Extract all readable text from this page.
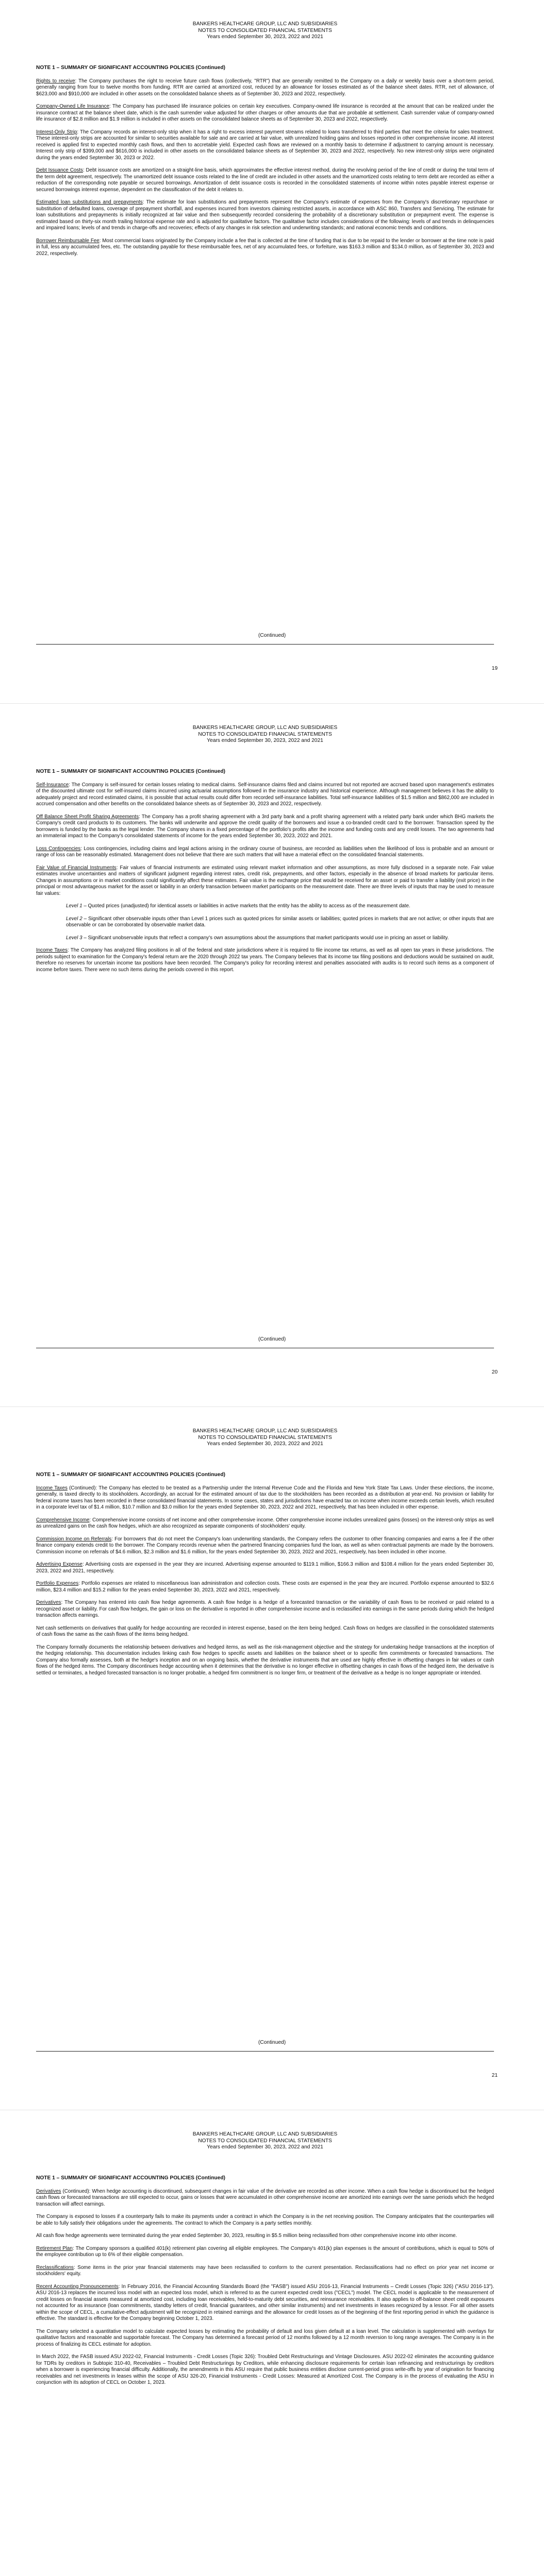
BANKERS HEALTHCARE GROUP, LLC AND SUBSIDIARIES
NOTES TO CONSOLIDATED FINANCIAL STATEMENTS
Years ended September 30, 2023, 2022 and 2021
NOTE 1 – SUMMARY OF SIGNIFICANT ACCOUNTING POLICIES (Continued)

Rights to receive: The Company purchases the right to receive future cash flows (collectively, "RTR") that are generally remitted to the Company on a daily or weekly basis over a short-term period, generally ranging from four to twelve months from funding. RTR are carried at amortized cost, reduced by an allowance for losses estimated as of the balance sheet dates. RTR, net of allowance, of $623,000 and $910,000 are included in other assets on the consolidated balance sheets as of September 30, 2023 and 2022, respectively.

Company-Owned Life Insurance: The Company has purchased life insurance policies on certain key executives. Company-owned life insurance is recorded at the amount that can be realized under the insurance contract at the balance sheet date, which is the cash surrender value adjusted for other charges or other amounts due that are probable at settlement. Cash surrender value of company-owned life insurance of $2.8 million and $1.9 million is included in other assets on the consolidated balance sheets as of September 30, 2023 and 2022, respectively.

Interest-Only Strip: The Company records an interest-only strip when it has a right to excess interest payment streams related to loans transferred to third parties that meet the criteria for sales treatment. These interest-only strips are accounted for similar to securities available for sale and are carried at fair value, with unrealized holding gains and losses reported in other comprehensive income. All interest received is applied first to expected monthly cash flows, and then to accretable yield. Expected cash flows are reviewed on a monthly basis to determine if adjustment to carrying amount is necessary. Interest only strip of $399,000 and $616,000 is included in other assets on the consolidated balance sheets as of September 30, 2023 and 2022, respectively. No new interest-only strips were originated during the years ended September 30, 2023 or 2022.

Debt Issuance Costs: Debt issuance costs are amortized on a straight-line basis, which approximates the effective interest method, during the revolving period of the line of credit or during the total term of the term debt agreement, respectively. The unamortized debt issuance costs related to the line of credit are included in other assets and the unamortized costs relating to term debt are recorded as either a reduction of the corresponding note payable or secured borrowings. Amortization of debt issuance costs is recorded in the consolidated statements of income within notes payable interest expense or secured borrowings interest expense, dependent on the classification of the debt it relates to.

Estimated loan substitutions and prepayments: The estimate for loan substitutions and prepayments represent the Company's estimate of expenses from the Company's discretionary repurchase or substitution of defaulted loans, coverage of prepayment shortfall, and expenses incurred from investors claiming restricted assets, in accordance with ASC 860, Transfers and Servicing. The estimate for loan substitutions and prepayments is initially recognized at fair value and then subsequently recorded considering the probability of a discretionary substitution or prepayment event. The expense is estimated based on thirty-six month trailing historical expense rate and is adjusted for qualitative factors. The qualitative factor includes considerations of the following: levels of and trends in delinquencies and impaired loans; levels of and trends in charge-offs and recoveries; effects of any changes in risk selection and underwriting standards; and national economic trends and conditions.

Borrower Reimbursable Fee: Most commercial loans originated by the Company include a fee that is collected at the time of funding that is due to be repaid to the lender or borrower at the time note is paid in full, less any accumulated fees, etc. The outstanding payable for these reimbursable fees, net of any accumulated fees, or forfeiture, was $163.3 million and $134.0 million, as of September 30, 2023 and 2022, respectively.

(Continued)
19
BANKERS HEALTHCARE GROUP, LLC AND SUBSIDIARIES
NOTES TO CONSOLIDATED FINANCIAL STATEMENTS
Years ended September 30, 2023, 2022 and 2021
NOTE 1 – SUMMARY OF SIGNIFICANT ACCOUNTING POLICIES (Continued)

Self-Insurance: The Company is self-insured for certain losses relating to medical claims. Self-insurance claims filed and claims incurred but not reported are accrued based upon management's estimates of the discounted ultimate cost for self-insured claims incurred using actuarial assumptions followed in the insurance industry and historical experience. Although management believes it has the ability to adequately project and record estimated claims, it is possible that actual results could differ from recorded self-insurance liabilities. Total self-insurance liabilities of $1.5 million and $862,000 are included in accrued compensation and other benefits on the consolidated balance sheets as of September 30, 2023 and 2022, respectively.

Off Balance Sheet Profit Sharing Agreements: The Company has a profit sharing agreement with a 3rd party bank and a profit sharing agreement with a related party bank under which BHG markets the Company's credit card products to its customers. The banks will underwrite and approve the credit quality of the borrowers and issue a co-branded credit card to the borrower. Transaction speed by the borrowers is funded by the banks as the legal lender. The Company shares in a fixed percentage of the portfolio's profits after the income and funding costs and any credit losses. The two agreements had an immaterial impact to the Company's consolidated statements of income for the years ended September 30, 2023, 2022 and 2021.

Loss Contingencies: Loss contingencies, including claims and legal actions arising in the ordinary course of business, are recorded as liabilities when the likelihood of loss is probable and an amount or range of loss can be reasonably estimated. Management does not believe that there are such matters that will have a material effect on the consolidated financial statements.

Fair Value of Financial Instruments: Fair values of financial instruments are estimated using relevant market information and other assumptions, as more fully disclosed in a separate note. Fair value estimates involve uncertainties and matters of significant judgment regarding interest rates, credit risk, prepayments, and other factors, especially in the absence of broad markets for particular items. Changes in assumptions or in market conditions could significantly affect these estimates. Fair value is the exchange price that would be received for an asset or paid to transfer a liability (exit price) in the principal or most advantageous market for the asset or liability in an orderly transaction between market participants on the measurement date. There are three levels of inputs that may be used to measure fair values:

Level 1 – Quoted prices (unadjusted) for identical assets or liabilities in active markets that the entity has the ability to access as of the measurement date.

Level 2 – Significant other observable inputs other than Level 1 prices such as quoted prices for similar assets or liabilities; quoted prices in markets that are not active; or other inputs that are observable or can be corroborated by observable market data.

Level 3 – Significant unobservable inputs that reflect a company's own assumptions about the assumptions that market participants would use in pricing an asset or liability.

Income Taxes: The Company has analyzed filing positions in all of the federal and state jurisdictions where it is required to file income tax returns, as well as all open tax years in these jurisdictions. The periods subject to examination for the Company's federal return are the 2020 through 2022 tax years. The Company believes that its income tax filing positions and deductions would be sustained on audit, therefore no reserves for uncertain income tax positions have been recorded. The Company's policy for recording interest and penalties associated with audits is to record such items as a component of income before taxes. There were no such items during the periods covered in this report.

(Continued)
20
BANKERS HEALTHCARE GROUP, LLC AND SUBSIDIARIES
NOTES TO CONSOLIDATED FINANCIAL STATEMENTS
Years ended September 30, 2023, 2022 and 2021
NOTE 1 – SUMMARY OF SIGNIFICANT ACCOUNTING POLICIES (Continued)

Income Taxes (Continued): The Company has elected to be treated as a Partnership under the Internal Revenue Code and the Florida and New York State Tax Laws. Under these elections, the income, generally, is taxed directly to its stockholders. Accordingly, an accrual for the estimated amount of tax due to the stockholders has been recorded as a distribution at year-end. No provision or liability for federal income taxes has been recorded in these consolidated financial statements. In some cases, states and jurisdictions have enacted tax on income when income exceeds certain levels, which resulted in a corporate level tax of $1.4 million, $10.7 million and $3.0 million for the years ended September 30, 2023, 2022 and 2021, respectively, that has been included in other expense.

Comprehensive Income: Comprehensive income consists of net income and other comprehensive income. Other comprehensive income includes unrealized gains (losses) on the interest-only strips as well as unrealized gains on the cash flow hedges, which are also recognized as separate components of stockholders' equity.

Commission Income on Referrals: For borrowers that do not meet the Company's loan underwriting standards, the Company refers the customer to other financing companies and earns a fee if the other finance company extends credit to the borrower. The Company records revenue when the partnered financing companies fund the loan, as well as when contractual payments are made by the borrowers. Commission income on referrals of $4.6 million, $2.3 million and $1.6 million, for the years ended September 30, 2023, 2022 and 2021, respectively, has been included in other income.

Advertising Expense: Advertising costs are expensed in the year they are incurred. Advertising expense amounted to $119.1 million, $166.3 million and $108.4 million for the years ended September 30, 2023, 2022 and 2021, respectively.

Portfolio Expenses: Portfolio expenses are related to miscellaneous loan administration and collection costs. These costs are expensed in the year they are incurred. Portfolio expense amounted to $32.6 million, $23.4 million and $15.2 million for the years ended September 30, 2023, 2022 and 2021, respectively.

Derivatives: The Company has entered into cash flow hedge agreements. A cash flow hedge is a hedge of a forecasted transaction or the variability of cash flows to be received or paid related to a recognized asset or liability. For cash flow hedges, the gain or loss on the derivative is reported in other comprehensive income and is reclassified into earnings in the same periods during which the hedged transaction affects earnings.

Net cash settlements on derivatives that qualify for hedge accounting are recorded in interest expense, based on the item being hedged. Cash flows on hedges are classified in the consolidated statements of cash flows the same as the cash flows of the items being hedged.

The Company formally documents the relationship between derivatives and hedged items, as well as the risk-management objective and the strategy for undertaking hedge transactions at the inception of the hedging relationship. This documentation includes linking cash flow hedges to specific assets and liabilities on the balance sheet or to specific firm commitments or forecasted transactions. The Company also formally assesses, both at the hedge's inception and on an ongoing basis, whether the derivative instruments that are used are highly effective in offsetting changes in fair values or cash flows of the hedged items. The Company discontinues hedge accounting when it determines that the derivative is no longer effective in offsetting changes in cash flows of the hedged item, the derivative is settled or terminates, a hedged forecasted transaction is no longer probable, a hedged firm commitment is no longer firm, or treatment of the derivative as a hedge is no longer appropriate or intended.

(Continued)
21
BANKERS HEALTHCARE GROUP, LLC AND SUBSIDIARIES
NOTES TO CONSOLIDATED FINANCIAL STATEMENTS
Years ended September 30, 2023, 2022 and 2021
NOTE 1 – SUMMARY OF SIGNIFICANT ACCOUNTING POLICIES (Continued)

Derivatives (Continued): When hedge accounting is discontinued, subsequent changes in fair value of the derivative are recorded as other income. When a cash flow hedge is discontinued but the hedged cash flows or forecasted transactions are still expected to occur, gains or losses that were accumulated in other comprehensive income are amortized into earnings over the same periods which the hedged transaction will affect earnings.

The Company is exposed to losses if a counterparty fails to make its payments under a contract in which the Company is in the net receiving position. The Company anticipates that the counterparties will be able to fully satisfy their obligations under the agreements. The contract to which the Company is a party settles monthly.

All cash flow hedge agreements were terminated during the year ended September 30, 2023, resulting in $5.5 million being reclassified from other comprehensive income into other income.

Retirement Plan: The Company sponsors a qualified 401(k) retirement plan covering all eligible employees. The Company's 401(k) plan expenses is the amount of contributions, which is equal to 50% of the employee contribution up to 6% of their eligible compensation.

Reclassifications: Some items in the prior year financial statements may have been reclassified to conform to the current presentation. Reclassifications had no effect on prior year net income or stockholders' equity.

Recent Accounting Pronouncements: In February 2016, the Financial Accounting Standards Board (the "FASB") issued ASU 2016-13, Financial Instruments – Credit Losses (Topic 326) ("ASU 2016-13"). ASU 2016-13 replaces the incurred loss model with an expected loss model, which is referred to as the current expected credit loss ("CECL") model. The CECL model is applicable to the measurement of credit losses on financial assets measured at amortized cost, including loan receivables, held-to-maturity debt securities, and reinsurance receivables. It also applies to off-balance sheet credit exposures not accounted for as insurance (loan commitments, standby letters of credit, financial guarantees, and other similar instruments) and net investments in leases recognized by a lessor. For all other assets within the scope of CECL, a cumulative-effect adjustment will be recognized in retained earnings and the allowance for credit losses as of the beginning of the first reporting period in which the guidance is effective. The standard is effective for the Company beginning October 1, 2023.

The Company selected a quantitative model to calculate expected losses by estimating the probability of default and loss given default at a loan level. The calculation is supplemented with overlays for qualitative factors and reasonable and supportable forecast. The Company has determined a forecast period of 12 months followed by a 12 month reversion to long range averages. The Company is in the process of finalizing its CECL estimate for adoption.

In March 2022, the FASB issued ASU 2022-02, Financial Instruments - Credit Losses (Topic 326): Troubled Debt Restructurings and Vintage Disclosures. ASU 2022-02 eliminates the accounting guidance for TDRs by creditors in Subtopic 310-40, Receivables – Troubled Debt Restructurings by Creditors, while enhancing disclosure requirements for certain loan refinancing and restructurings by creditors when a borrower is experiencing financial difficulty. Additionally, the amendments in this ASU require that public business entities disclose current-period gross write-offs by year of origination for financing receivables and net investments in leases within the scope of ASU 326-20, Financial Instruments - Credit Losses: Measured at Amortized Cost. The Company is in the process of evaluating the ASU in conjunction with its adoption of CECL on October 1, 2023.
